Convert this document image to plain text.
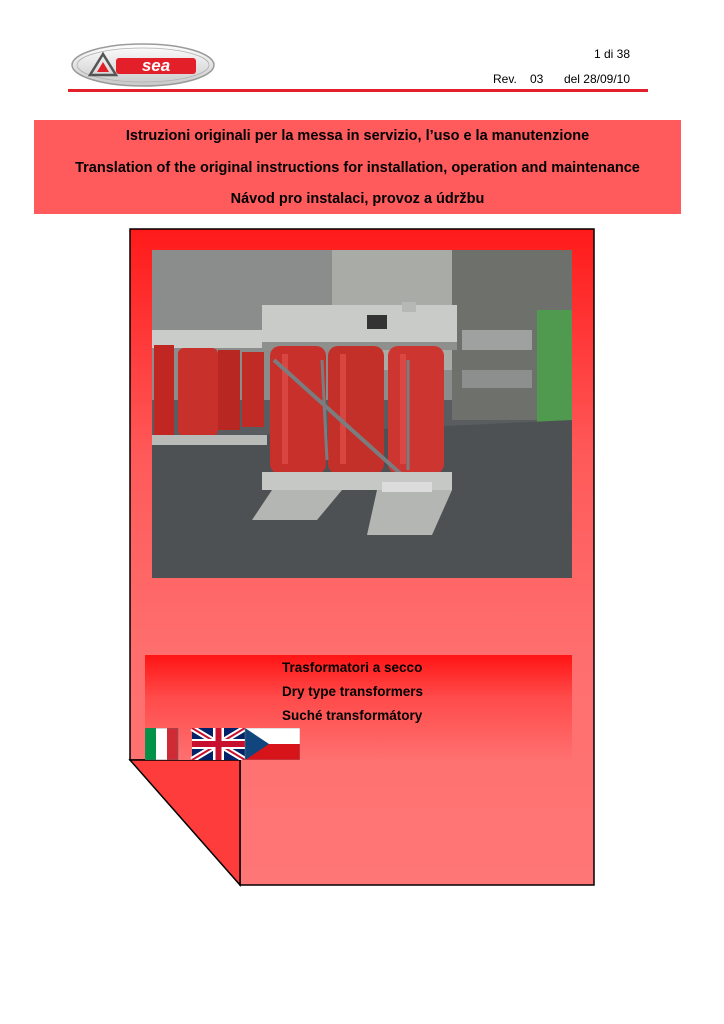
sea
1 di 38
Rev. 03	del 28/09/10
Istruzioni originali per la messa in servizio, l’uso e la manutenzione
Translation of the original instructions for installation, operation and maintenance
Návod pro instalaci, provoz a údržbu
Trasformatori a secco
Dry type transformers
Suché transformátory
